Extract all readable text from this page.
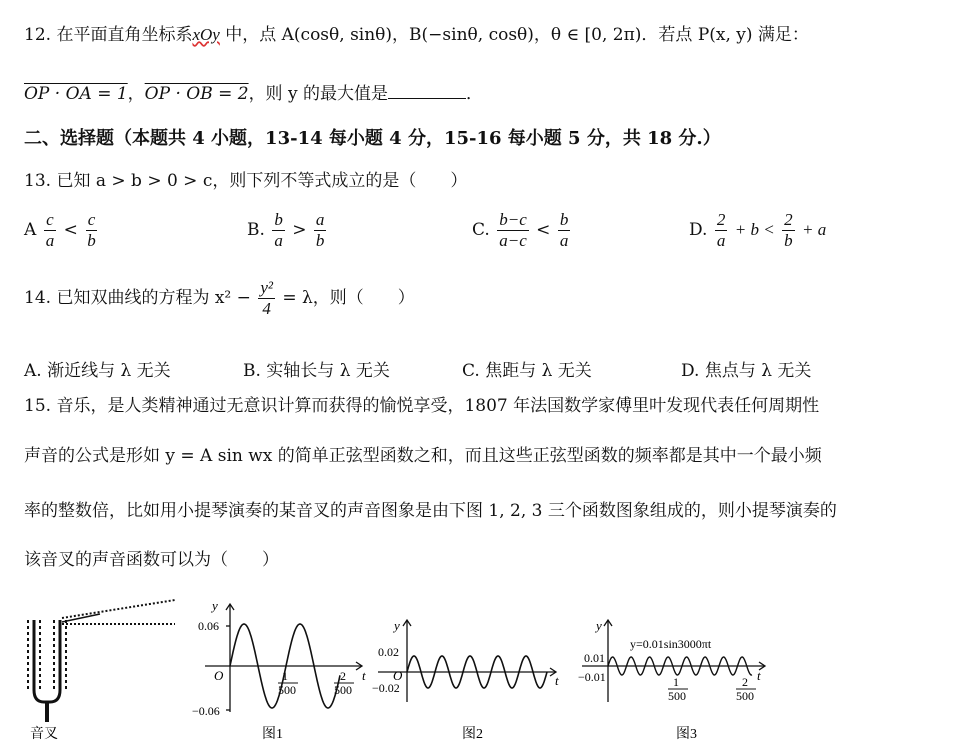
12. 在平面直角坐标系xOy 中，点 A(cosθ, sinθ)，B(−sinθ, cosθ)，θ ∈ [0, 2π)．若点 P(x, y) 满足：
OP · OA = 1，OP · OB = 2，则 y 的最大值是	．
二、选择题（本题共 4 小题，13-14 每小题 4 分，15-16 每小题 5 分，共 18 分.）
13. 已知 a > b > 0 > c，则下列不等式成立的是（　　）
A $\frac{c}{a} < \frac{c}{b}$	B. $\frac{b}{a} > \frac{a}{b}$	C. $\frac{b-c}{a-c} < \frac{b}{a}$	D. $\frac{2}{a} + b < \frac{2}{b} + a$
14. 已知双曲线的方程为 $x^2 - \frac{\text{y²}}{4} = \lambda$，则（　　）
A. 渐近线与 λ 无关	B. 实轴长与 λ 无关	C. 焦距与 λ 无关	D. 焦点与 λ 无关
15. 音乐，是人类精神通过无意识计算而获得的愉悦享受，1807 年法国数学家傅里叶发现代表任何周期性
声音的公式是形如 y = A sin wx 的简单正弦型函数之和，而且这些正弦型函数的频率都是其中一个最小频
率的整数倍，比如用小提琴演奏的某音叉的声音图象是由下图 1, 2, 3 三个函数图象组成的，则小提琴演奏的
该音叉的声音函数可以为（　　）
音叉
y
0.06
−0.06
O	1
500
2
500
t
图1
y
0.02
−0.02
O	t
图2
y
0.01
−0.01
y=0.01sin3000πt
1
500
2
500
t
图3
